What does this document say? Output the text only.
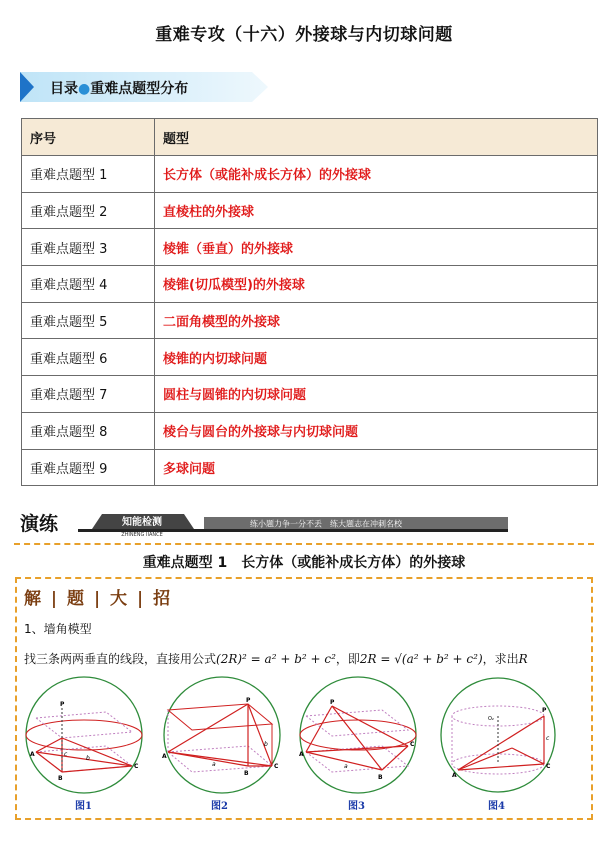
重难专攻（十六）外接球与内切球问题
目录●重难点题型分布
序号	题型
重难点题型 1	长方体（或能补成长方体）的外接球
重难点题型 2	直棱柱的外接球
重难点题型 3	棱锥（垂直）的外接球
重难点题型 4	棱锥(切瓜模型)的外接球
重难点题型 5	二面角模型的外接球
重难点题型 6	棱锥的内切球问题
重难点题型 7	圆柱与圆锥的内切球问题
重难点题型 8	棱台与圆台的外接球与内切球问题
重难点题型 9	多球问题
演练	知能检测
ZHINENG JIANCE
练小题力争一分不丢　练大题志在冲刺名校
重难点题型 1　长方体（或能补成长方体）的外接球
解 | 题 | 大 | 招
1、墙角模型
找三条两两垂直的线段，直接用公式(2R)² = a² + b² + c²，即2R = √(a² + b² + c²)，求出R
P
A
B
C
b
c
图1
P
A
B
C
a
b
图2
P
A
B
C
a
图3
P
O₂
A
C
c
图4
